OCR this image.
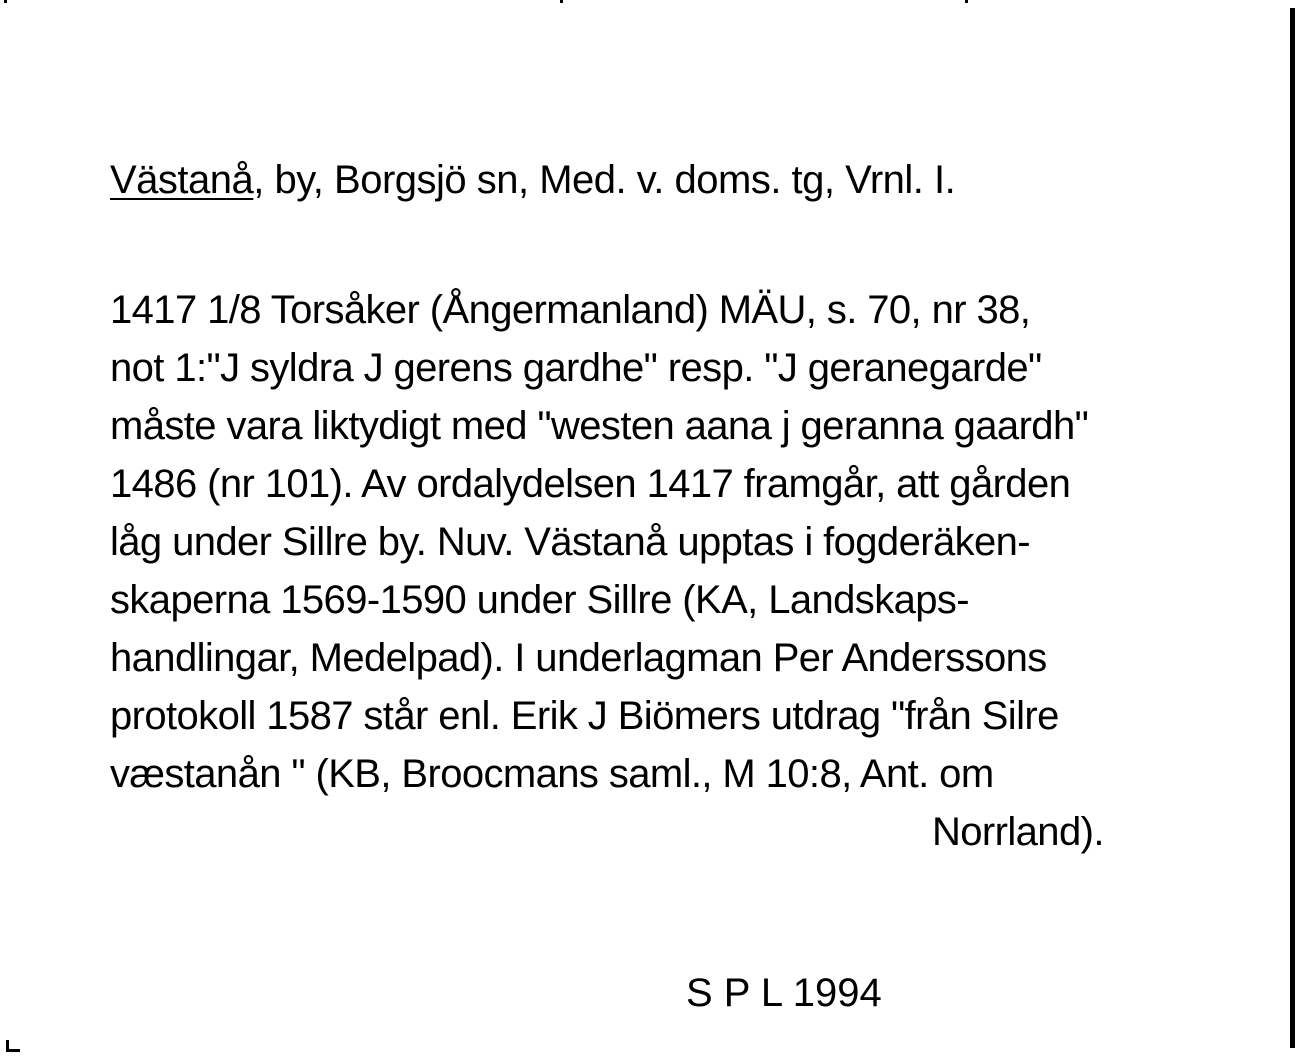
Västanå, by, Borgsjö sn, Med. v. doms. tg, Vrnl. I.
1417 1/8 Torsåker (Ångermanland) MÄU, s. 70, nr 38,
not 1:"J syldra J gerens gardhe" resp. "J geranegarde"
måste vara liktydigt med "westen aana j geranna gaardh"
1486 (nr 101). Av ordalydelsen 1417 framgår, att gården
låg under Sillre by. Nuv. Västanå upptas i fogderäken-
skaperna 1569-1590 under Sillre (KA, Landskaps-
handlingar, Medelpad). I underlagman Per Anderssons
protokoll 1587 står enl. Erik J Biömers utdrag "från Silre
væstanån " (KB, Broocmans saml., M 10:8, Ant. om
Norrland).
S P L 1994
